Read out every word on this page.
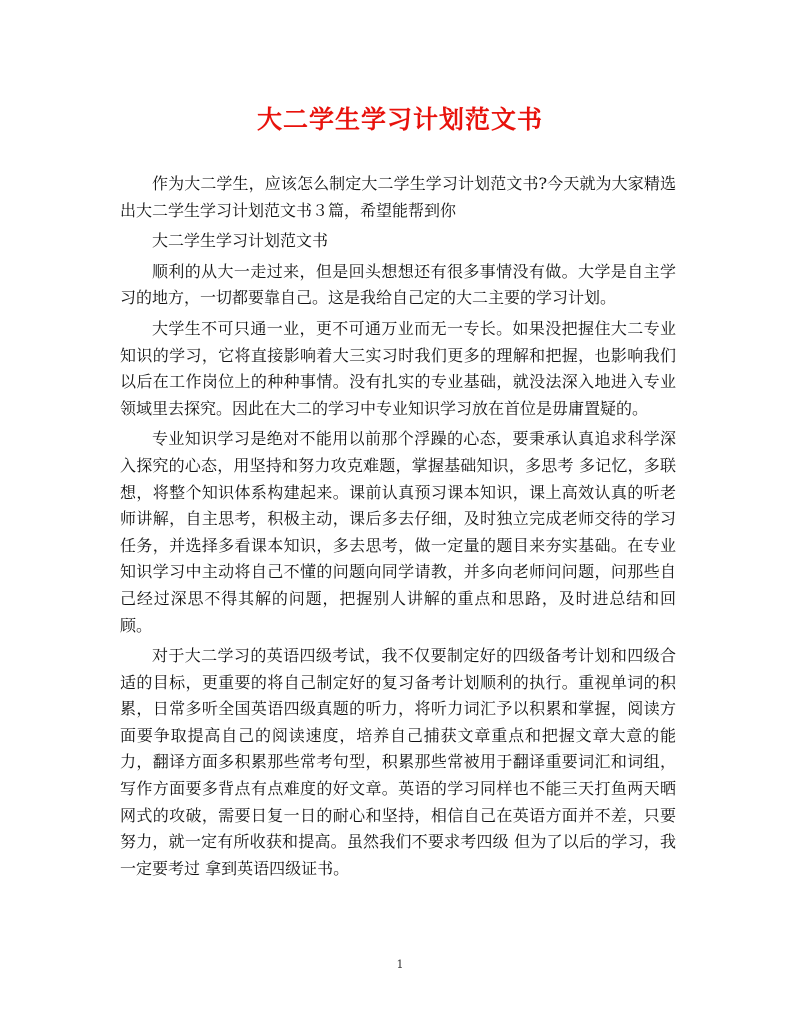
大二学生学习计划范文书

作为大二学生，应该怎么制定大二学生学习计划范文书?今天就为大家精选出大二学生学习计划范文书３篇，希望能帮到你

大二学生学习计划范文书

顺利的从大一走过来，但是回头想想还有很多事情没有做。大学是自主学习的地方，一切都要靠自己。这是我给自己定的大二主要的学习计划。

大学生不可只通一业，更不可通万业而无一专长。如果没把握住大二专业知识的学习，它将直接影响着大三实习时我们更多的理解和把握，也影响我们以后在工作岗位上的种种事情。没有扎实的专业基础，就没法深入地进入专业领域里去探究。因此在大二的学习中专业知识学习放在首位是毋庸置疑的。

专业知识学习是绝对不能用以前那个浮躁的心态，要秉承认真追求科学深入探究的心态，用坚持和努力攻克难题，掌握基础知识，多思考 多记忆，多联想，将整个知识体系构建起来。课前认真预习课本知识，课上高效认真的听老师讲解，自主思考，积极主动，课后多去仔细，及时独立完成老师交待的学习任务，并选择多看课本知识，多去思考，做一定量的题目来夯实基础。在专业知识学习中主动将自己不懂的问题向同学请教，并多向老师问问题，问那些自己经过深思不得其解的问题，把握别人讲解的重点和思路，及时进总结和回顾。

对于大二学习的英语四级考试，我不仅要制定好的四级备考计划和四级合适的目标，更重要的将自己制定好的复习备考计划顺利的执行。重视单词的积累，日常多听全国英语四级真题的听力，将听力词汇予以积累和掌握，阅读方面要争取提高自己的阅读速度，培养自己捕获文章重点和把握文章大意的能力，翻译方面多积累那些常考句型，积累那些常被用于翻译重要词汇和词组，写作方面要多背点有点难度的好文章。英语的学习同样也不能三天打鱼两天晒网式的攻破，需要日复一日的耐心和坚持，相信自己在英语方面并不差，只要努力，就一定有所收获和提高。虽然我们不要求考四级 但为了以后的学习，我一定要考过 拿到英语四级证书。

1
